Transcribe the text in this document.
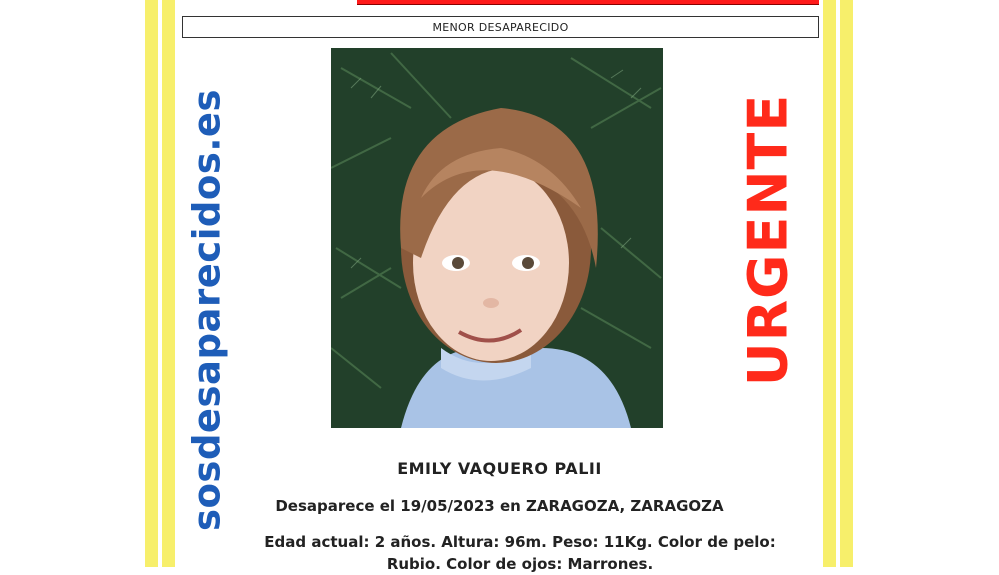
MENOR DESAPARECIDO
sosdesaparecidos.es	URGENTE
EMILY VAQUERO PALII
Desaparece el 19/05/2023 en ZARAGOZA, ZARAGOZA
Edad actual: 2 años. Altura: 96m. Peso: 11Kg. Color de pelo: Rubio. Color de ojos: Marrones.
